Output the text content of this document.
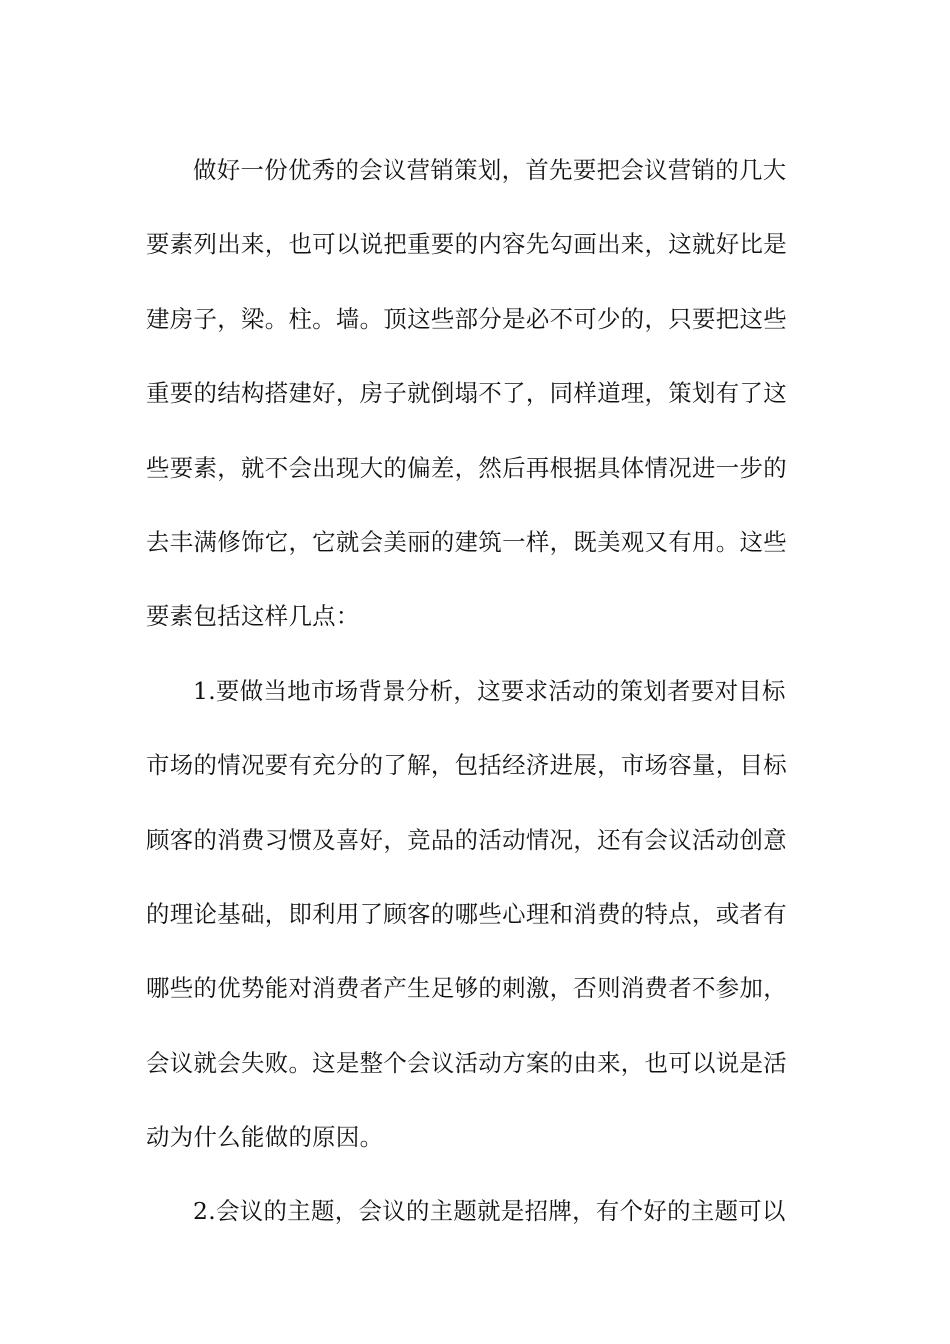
做好一份优秀的会议营销策划，首先要把会议营销的几大
要素列出来，也可以说把重要的内容先勾画出来，这就好比是
建房子，梁。柱。墙。顶这些部分是必不可少的，只要把这些
重要的结构搭建好，房子就倒塌不了，同样道理，策划有了这
些要素，就不会出现大的偏差，然后再根据具体情况进一步的
去丰满修饰它，它就会美丽的建筑一样，既美观又有用。这些
要素包括这样几点：
1.要做当地市场背景分析，这要求活动的策划者要对目标
市场的情况要有充分的了解，包括经济进展，市场容量，目标
顾客的消费习惯及喜好，竞品的活动情况，还有会议活动创意
的理论基础，即利用了顾客的哪些心理和消费的特点，或者有
哪些的优势能对消费者产生足够的刺激，否则消费者不参加，
会议就会失败。这是整个会议活动方案的由来，也可以说是活
动为什么能做的原因。
2.会议的主题，会议的主题就是招牌，有个好的主题可以
